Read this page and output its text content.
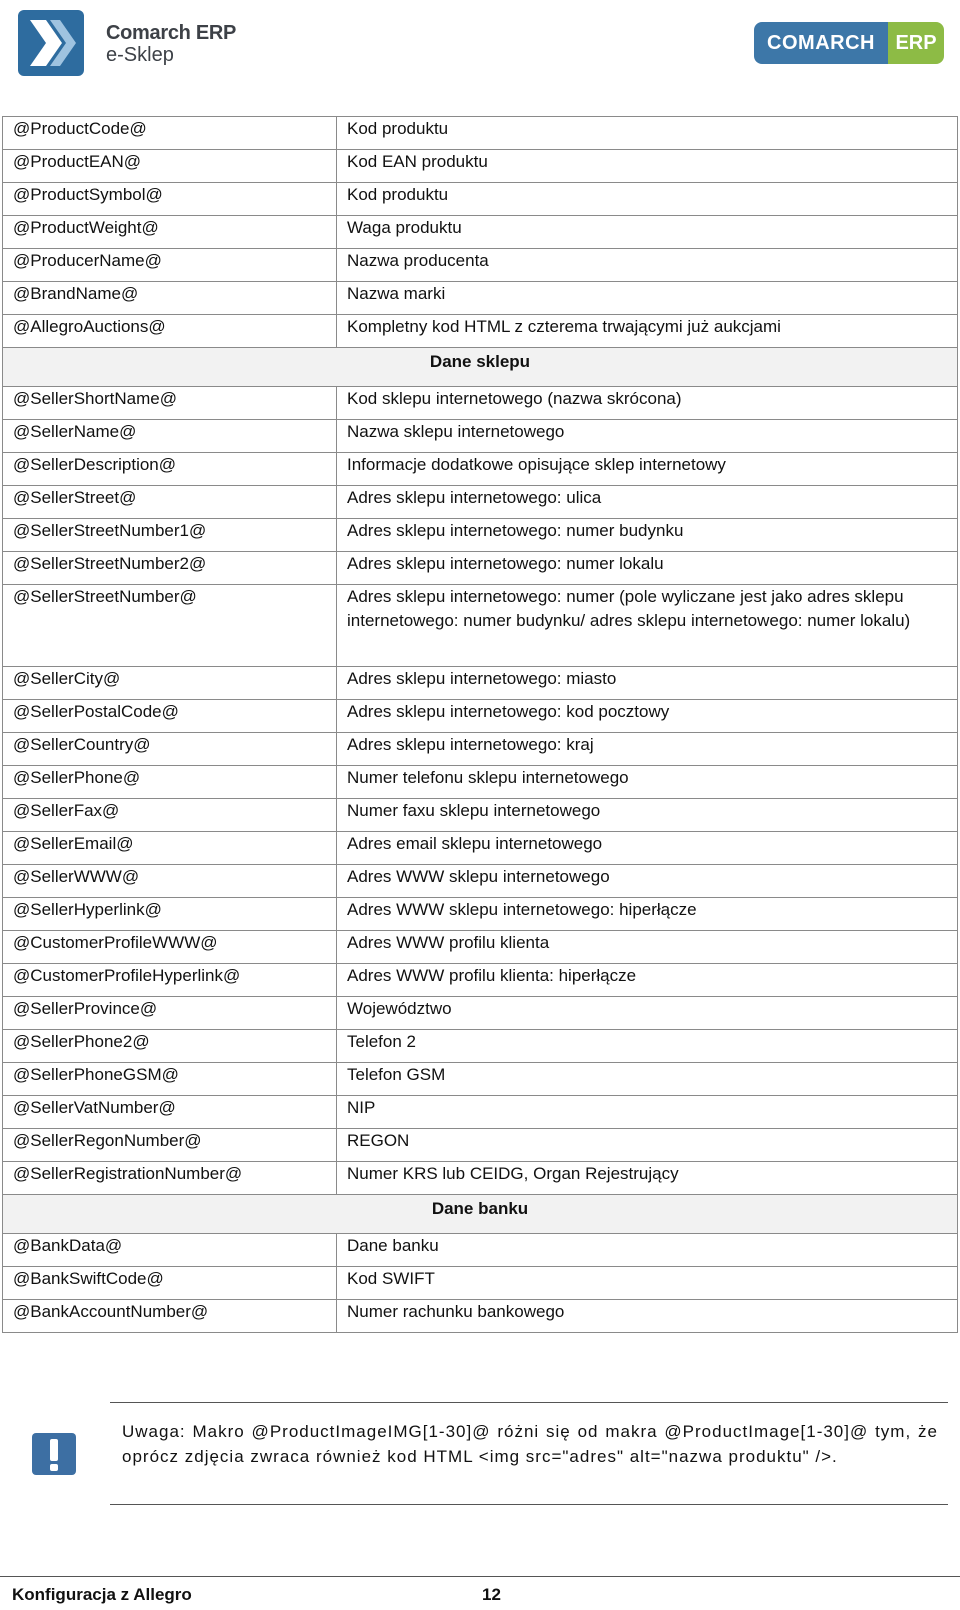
Comarch ERP
e-Sklep
COMARCH	ERP
@ProductCode@	Kod produktu
@ProductEAN@	Kod EAN produktu
@ProductSymbol@	Kod produktu
@ProductWeight@	Waga produktu
@ProducerName@	Nazwa producenta
@BrandName@	Nazwa marki
@AllegroAuctions@	Kompletny kod HTML z czterema trwającymi już aukcjami
Dane sklepu	
@SellerShortName@	Kod sklepu internetowego (nazwa skrócona)
@SellerName@	Nazwa sklepu internetowego
@SellerDescription@	Informacje dodatkowe opisujące sklep internetowy
@SellerStreet@	Adres sklepu internetowego: ulica
@SellerStreetNumber1@	Adres sklepu internetowego: numer budynku
@SellerStreetNumber2@	Adres sklepu internetowego: numer lokalu
@SellerStreetNumber@	Adres sklepu internetowego: numer (pole wyliczane jest jako adres sklepu internetowego: numer budynku/ adres sklepu internetowego: numer lokalu)
@SellerCity@	Adres sklepu internetowego: miasto
@SellerPostalCode@	Adres sklepu internetowego: kod pocztowy
@SellerCountry@	Adres sklepu internetowego: kraj
@SellerPhone@	Numer telefonu sklepu internetowego
@SellerFax@	Numer faxu sklepu internetowego
@SellerEmail@	Adres email sklepu internetowego
@SellerWWW@	Adres WWW sklepu internetowego
@SellerHyperlink@	Adres WWW sklepu internetowego: hiperłącze
@CustomerProfileWWW@	Adres WWW profilu klienta
@CustomerProfileHyperlink@	Adres WWW profilu klienta: hiperłącze
@SellerProvince@	Województwo
@SellerPhone2@	Telefon 2
@SellerPhoneGSM@	Telefon GSM
@SellerVatNumber@	NIP
@SellerRegonNumber@	REGON
@SellerRegistrationNumber@	Numer KRS lub CEIDG, Organ Rejestrujący
Dane banku	
@BankData@	Dane banku
@BankSwiftCode@	Kod SWIFT
@BankAccountNumber@	Numer rachunku bankowego
Uwaga: Makro @ProductImageIMG[1-30]@ różni się od makra @ProductImage[1-30]@ tym, że oprócz zdjęcia zwraca również kod HTML <img src="adres" alt="nazwa produktu" />.
Konfiguracja z Allegro	12
